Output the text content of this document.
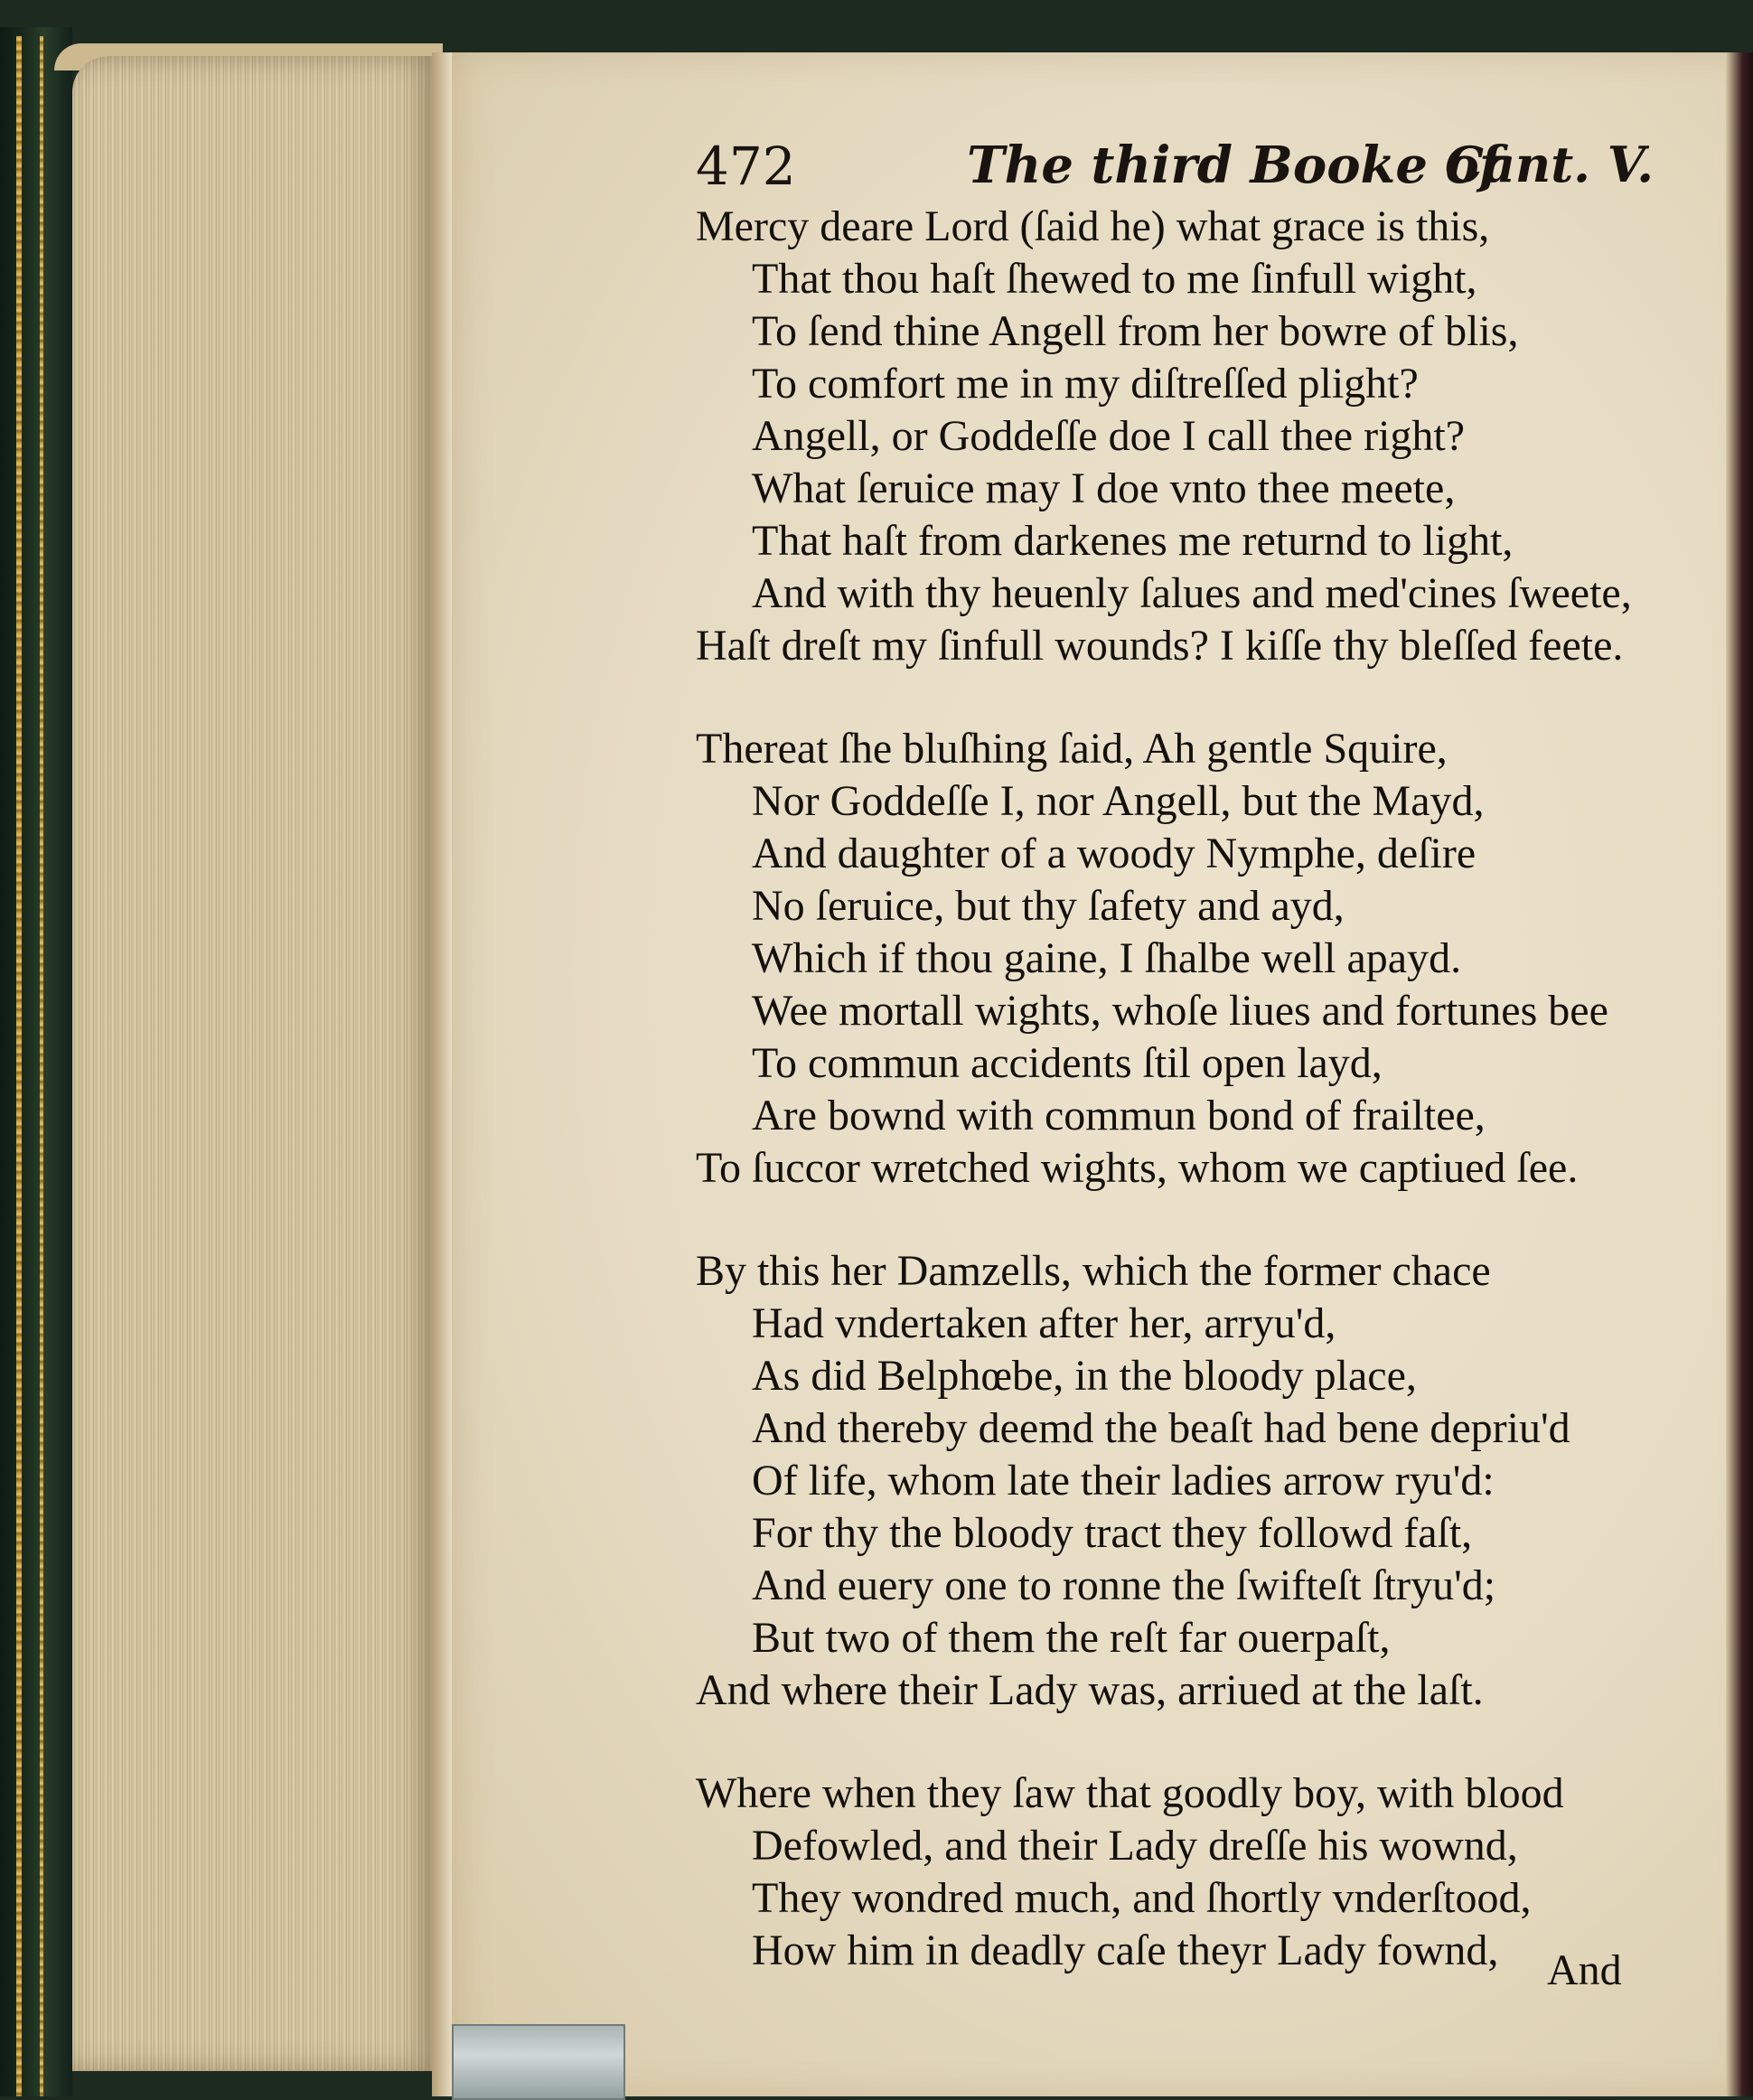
472	The third Booke of
Cant. V.
Mercy deare Lord (ſaid he) what grace is this,
That thou haſt ſhewed to me ſinfull wight,
To ſend thine Angell from her bowre of blis,
To comfort me in my diſtreſſed plight?
Angell, or Goddeſſe doe I call thee right?
What ſeruice may I doe vnto thee meete,
That haſt from darkenes me returnd to light,
And with thy heuenly ſalues and med'cines ſweete,
Haſt dreſt my ſinfull wounds? I kiſſe thy bleſſed feete.
Thereat ſhe bluſhing ſaid, Ah gentle Squire,
Nor Goddeſſe I, nor Angell, but the Mayd,
And daughter of a woody Nymphe, deſire
No ſeruice, but thy ſafety and ayd,
Which if thou gaine, I ſhalbe well apayd.
Wee mortall wights, whoſe liues and fortunes bee
To commun accidents ſtil open layd,
Are bownd with commun bond of frailtee,
To ſuccor wretched wights, whom we captiued ſee.
By this her Damzells, which the former chace
Had vndertaken after her, arryu'd,
As did Belphœbe, in the bloody place,
And thereby deemd the beaſt had bene depriu'd
Of life, whom late their ladies arrow ryu'd:
For thy the bloody tract they followd faſt,
And euery one to ronne the ſwifteſt ſtryu'd;
But two of them the reſt far ouerpaſt,
And where their Lady was, arriued at the laſt.
Where when they ſaw that goodly boy, with blood
Defowled, and their Lady dreſſe his wownd,
They wondred much, and ſhortly vnderſtood,
How him in deadly caſe theyr Lady fownd,	And
